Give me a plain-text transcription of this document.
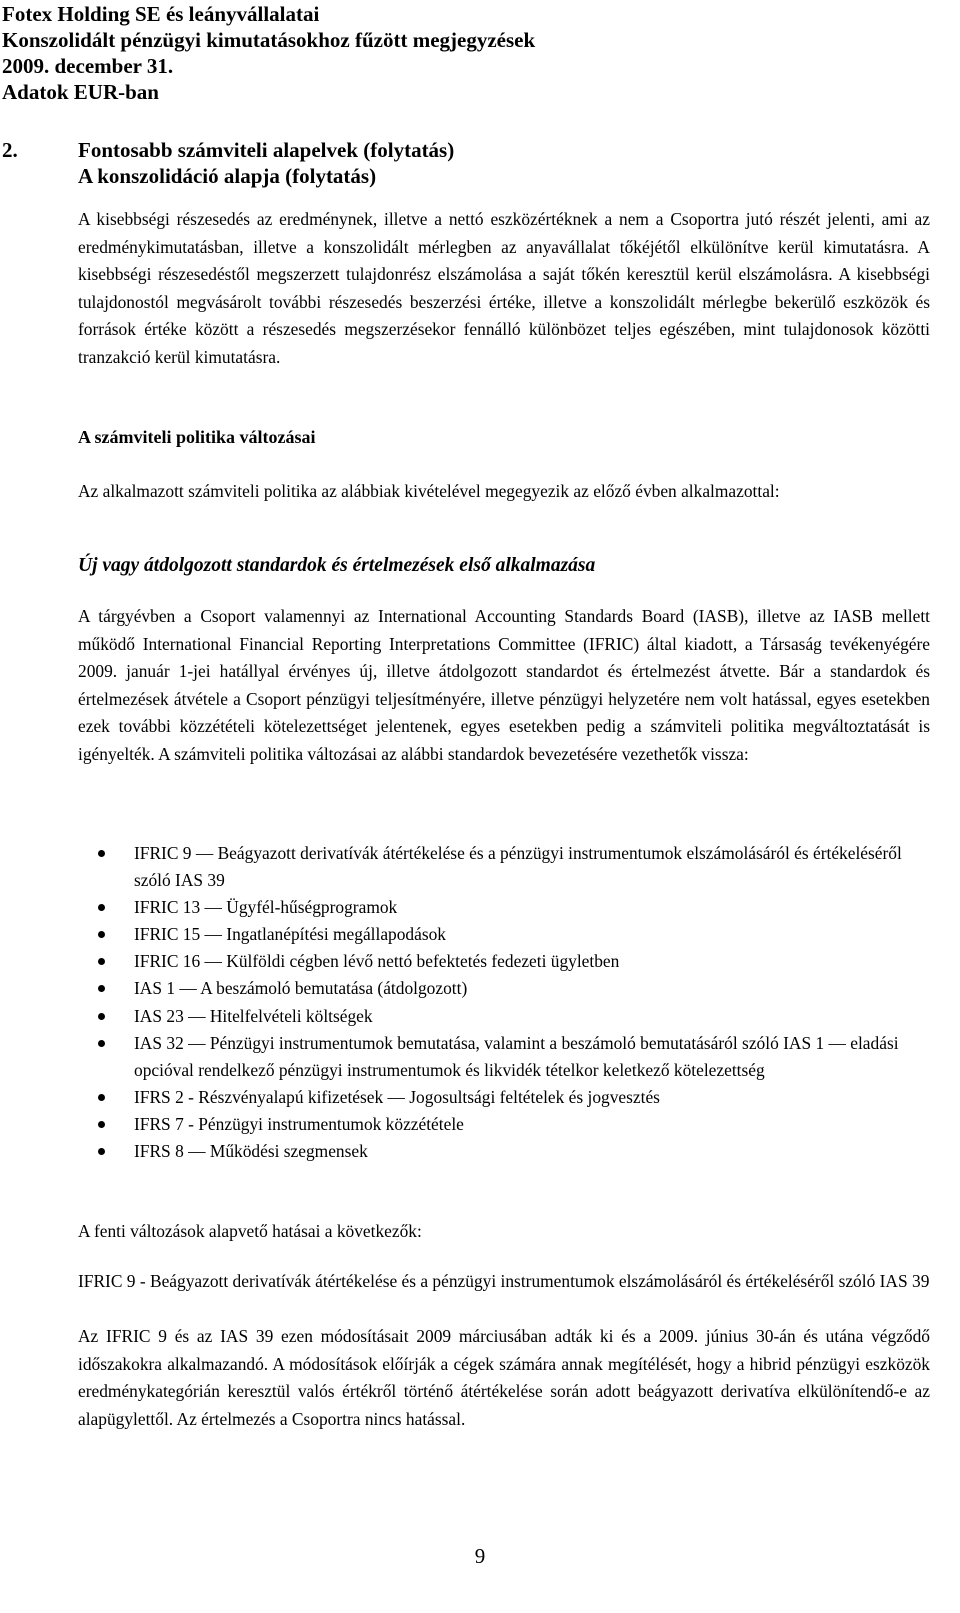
Fotex Holding SE és leányvállalatai
Konszolidált pénzügyi kimutatásokhoz fűzött megjegyzések
2009. december 31.
Adatok EUR-ban
2.	Fontosabb számviteli alapelvek (folytatás)
A konszolidáció alapja (folytatás)

A kisebbségi részesedés az eredménynek, illetve a nettó eszközértéknek a nem a Csoportra jutó részét jelenti, ami az eredménykimutatásban, illetve a konszolidált mérlegben az anyavállalat tőkéjétől elkülönítve kerül kimutatásra. A kisebbségi részesedéstől megszerzett tulajdonrész elszámolása a saját tőkén keresztül kerül elszámolásra. A kisebbségi tulajdonostól megvásárolt további részesedés beszerzési értéke, illetve a konszolidált mérlegbe bekerülő eszközök és források értéke között a részesedés megszerzésekor fennálló különbözet teljes egészében, mint tulajdonosok közötti tranzakció kerül kimutatásra.

A számviteli politika változásai

Az alkalmazott számviteli politika az alábbiak kivételével megegyezik az előző évben alkalmazottal:

Új vagy átdolgozott standardok és értelmezések első alkalmazása

A tárgyévben a Csoport valamennyi az International Accounting Standards Board (IASB), illetve az IASB mellett működő International Financial Reporting Interpretations Committee (IFRIC) által kiadott, a Társaság tevékenyégére 2009. január 1-jei hatállyal érvényes új, illetve átdolgozott standardot és értelmezést átvette. Bár a standardok és értelmezések átvétele a Csoport pénzügyi teljesítményére, illetve pénzügyi helyzetére nem volt hatással, egyes esetekben ezek további közzétételi kötelezettséget jelentenek, egyes esetekben pedig a számviteli politika megváltoztatását is igényelték. A számviteli politika változásai az alábbi standardok bevezetésére vezethetők vissza:

IFRIC 9 — Beágyazott derivatívák átértékelése és a pénzügyi instrumentumok elszámolásáról és értékeléséről szóló IAS 39
IFRIC 13 — Ügyfél-hűségprogramok
IFRIC 15 — Ingatlanépítési megállapodások
IFRIC 16 — Külföldi cégben lévő nettó befektetés fedezeti ügyletben
IAS 1 — A beszámoló bemutatása (átdolgozott)
IAS 23 — Hitelfelvételi költségek
IAS 32 — Pénzügyi instrumentumok bemutatása, valamint a beszámoló bemutatásáról szóló IAS 1 — eladási opcióval rendelkező pénzügyi instrumentumok és likvidék tételkor keletkező kötelezettség
IFRS 2 - Részvényalapú kifizetések — Jogosultsági feltételek és jogvesztés
IFRS 7 - Pénzügyi instrumentumok közzététele
IFRS 8 — Működési szegmensek

A fenti változások alapvető hatásai a következők:

IFRIC 9 - Beágyazott derivatívák átértékelése és a pénzügyi instrumentumok elszámolásáról és értékeléséről szóló IAS 39

Az IFRIC 9 és az IAS 39 ezen módosításait 2009 márciusában adták ki és a 2009. június 30-án és utána végződő időszakokra alkalmazandó. A módosítások előírják a cégek számára annak megítélését, hogy a hibrid pénzügyi eszközök eredménykategórián keresztül valós értékről történő átértékelése során adott beágyazott derivatíva elkülönítendő-e az alapügylettől. Az értelmezés a Csoportra nincs hatással.

9
